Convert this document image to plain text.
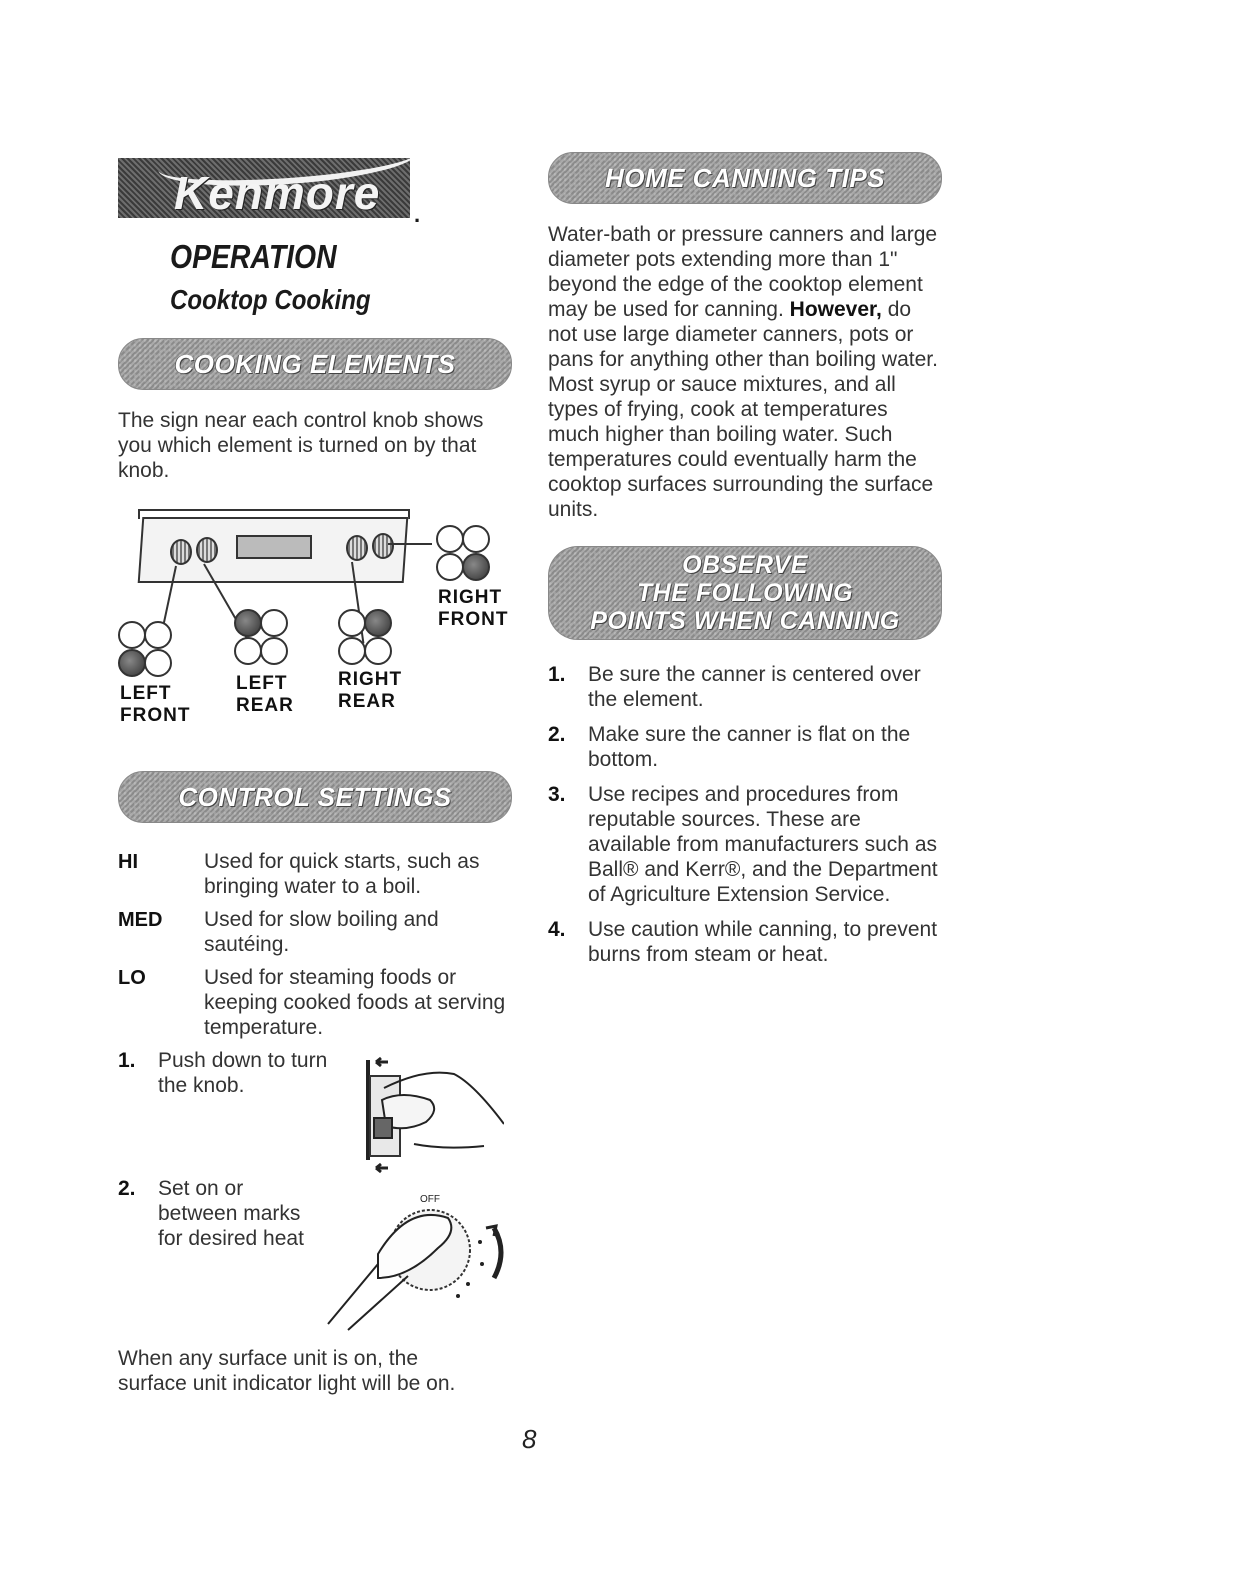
Kenmore .
OPERATION
Cooktop Cooking
COOKING ELEMENTS
The sign near each control knob shows you which element is turned on by that knob.
LEFT
FRONT
LEFT
REAR
RIGHT
REAR
RIGHT
FRONT
CONTROL SETTINGS
HI	Used for quick starts, such as bringing water to a boil.
MED	Used for slow boiling and sautéing.
LO	Used for steaming foods or keeping cooked foods at serving temperature.
1.	Push down to turn the knob.
2.	Set on or between marks for desired heat
OFF
When any surface unit is on, the surface unit indicator light will be on.
HOME CANNING TIPS
Water-bath or pressure canners and large diameter pots extending more than 1" beyond the edge of the cooktop element may be used for canning. However, do not use large diameter canners, pots or pans for anything other than boiling water. Most syrup or sauce mixtures, and all types of frying, cook at temperatures much higher than boiling water. Such temperatures could eventually harm the cooktop surfaces surrounding the surface units.
OBSERVE
THE FOLLOWING
POINTS WHEN CANNING
1.	Be sure the canner is centered over the element.
2.	Make sure the canner is flat on the bottom.
3.	Use recipes and procedures from reputable sources. These are available from manufacturers such as Ball® and Kerr®, and the Department of Agriculture Extension Service.
4.	Use caution while canning, to prevent burns from steam or heat.
8
